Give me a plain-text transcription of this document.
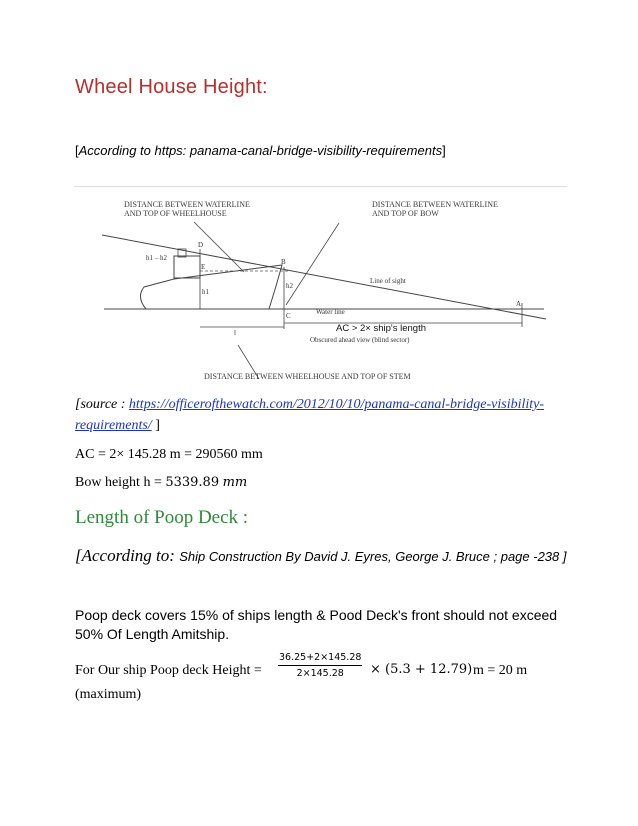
Wheel House Height:
[According to https: panama-canal-bridge-visibility-requirements]
DISTANCE BETWEEN WATERLINE
AND TOP OF WHEELHOUSE
DISTANCE BETWEEN WATERLINE
AND TOP OF BOW
DISTANCE BETWEEN WHEELHOUSE AND TOP OF STEM
h1 – h2
h1
h2
l
D
E
B
C
A
Line of sight
Water line
Obscured ahead view (blind sector)
AC > 2× ship's length
[source : https://officerofthewatch.com/2012/10/10/panama-canal-bridge-visibility-requirements/ ]
AC = 2× 145.28 m = 290560 mm
Bow height h = 5339.89 mm
Length of Poop Deck :
[According to: Ship Construction By David J. Eyres, George J. Bruce ; page -238 ]
Poop deck covers 15% of ships length & Pood Deck's front should not exceed 50% Of Length Amitship.
For Our ship Poop deck Height =
36.25+2×145.28
2×145.28	× (5.3 + 12.79) m = 20 m
(maximum)
